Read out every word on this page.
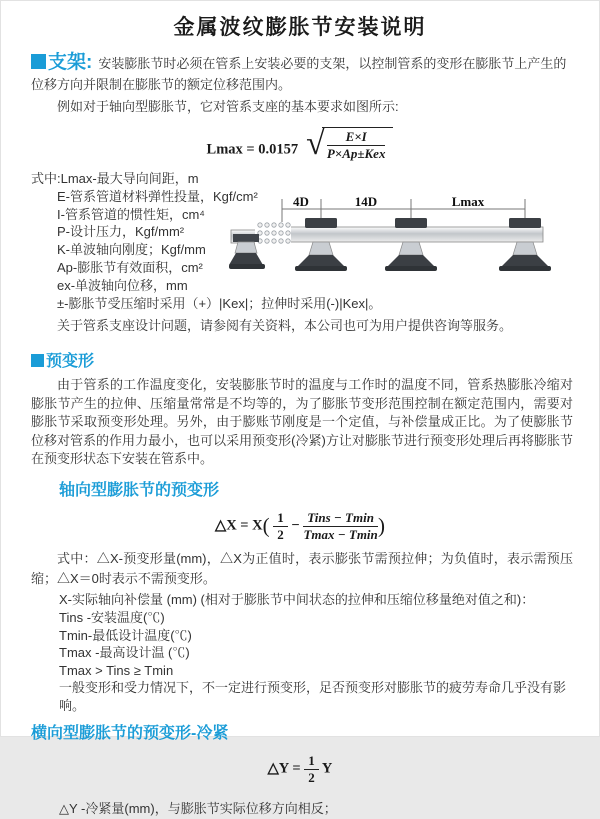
金属波纹膨胀节安装说明

支架: 安装膨胀节时必须在管系上安装必要的支架，以控制管系的变形在膨胀节上产生的位移方向并限制在膨胀节的额定位移范围内。

例如对于轴向型膨胀节，它对管系支座的基本要求如图所示:

Lmax = 0.0157 √ $\frac{E\times I}{\text{P×Ap±Kex}}$

式中:Lmax-最大导向间距，m

E-管系管道材料弹性投量，Kgf/cm²

I-管系管道的惯性矩，cm⁴

P-设计压力，Kgf/mm²

K-单波轴向刚度；Kgf/mm

Ap-膨胀节有效面积，cm²

ex-单波轴向位移，mm

±-膨胀节受压缩时采用（+）|Kex|；拉伸时采用(-)|Kex|。

关于管系支座设计问题，请参阅有关资料，本公司也可为用户提供咨询等服务。

4D	14D	Lmax

预变形

由于管系的工作温度变化，安装膨胀节时的温度与工作时的温度不同，管系热膨胀冷缩对膨胀节产生的拉伸、压缩量常常是不均等的，为了膨胀节变形范围控制在额定范围内，需要对膨胀节采取预变形处理。另外，由于膨账节刚度是一个定值，与补偿量成正比。为了使膨胀节位移对管系的作用力最小，也可以采用预变形(冷紧)方让对膨胀节进行预变形处理后再将膨胀节在预变形状态下安装在管系中。

轴向型膨胀节的预变形

△X = $X( \frac{1}{2} - \frac{\text{Tins − Tmin}}{Tmax - Tmin}$ )

式中：△X-预变形量(mm)，△X为正值时，表示膨张节需预拉伸；为负值时，表示需预压缩；△X＝0时表示不需预变形。

X-实际轴向补偿量 (mm) (相对于膨胀节中间状态的拉伸和压缩位移量绝对值之和)：

Tins -安装温度(℃)

Tmin-最低设计温度(℃)

Tmax -最高设计温 (℃)

Tmax > Tins ≥ Tmin

一般变形和受力情况下，不一定进行预变形，足否预变形对膨胀节的疲劳寿命几乎没有影响。

横向型膨胀节的预变形-冷紧

△Y = $\frac{1}{2}$ Y

△Y -冷紧量(mm)，与膨胀节实际位移方向相反；
